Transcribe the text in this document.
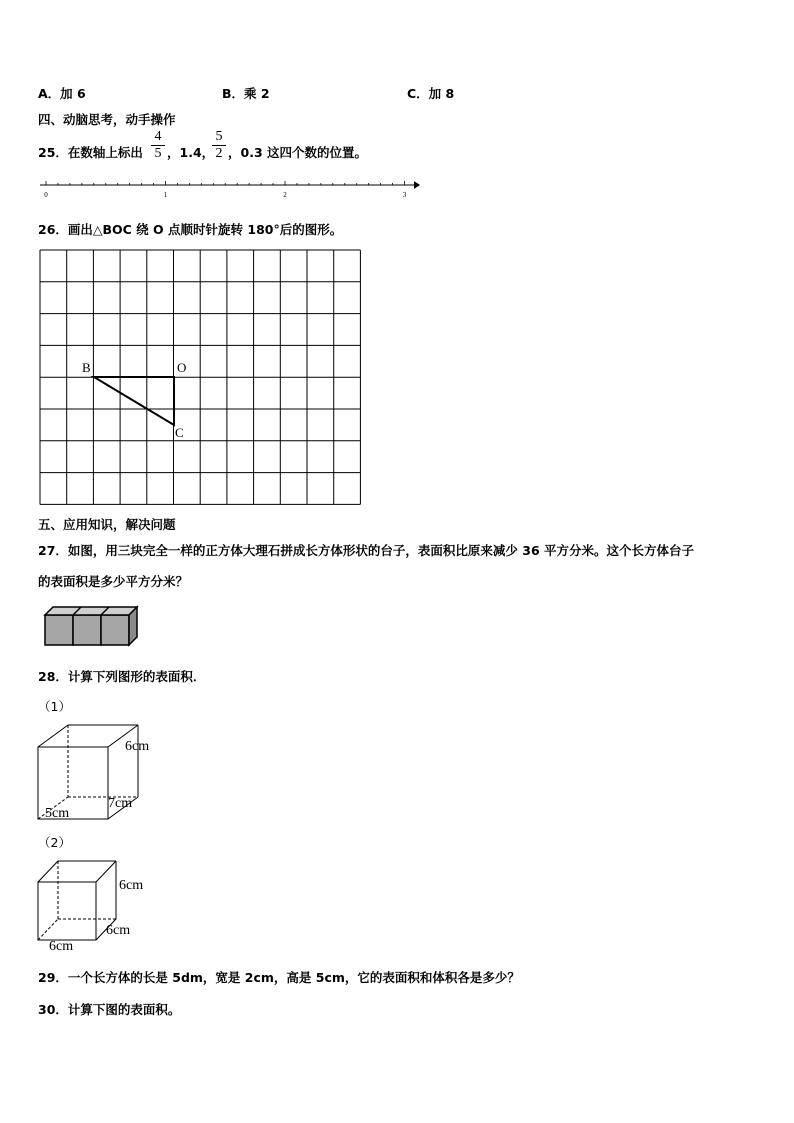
A．加 6	B．乘 2	C．加 8
四、动脑思考，动手操作
25．在数轴上标出 $\frac{4}{5}$ ，1.4，
$\frac{5}{2}$ ，0.3 这四个数的位置。
0	1	2	3
26．画出△BOC 绕 O 点顺时针旋转 180°后的图形。
B	O
C
五、应用知识，解决问题
27．如图，用三块完全一样的正方体大理石拼成长方体形状的台子，表面积比原来减少 36 平方分米。这个长方体台子
的表面积是多少平方分米？
28．计算下列图形的表面积．
（1）
6cm
7cm
5cm
（2）
6cm
6cm
6cm
29．一个长方体的长是 5dm，宽是 2cm，高是 5cm，它的表面积和体积各是多少？
30．计算下图的表面积。
